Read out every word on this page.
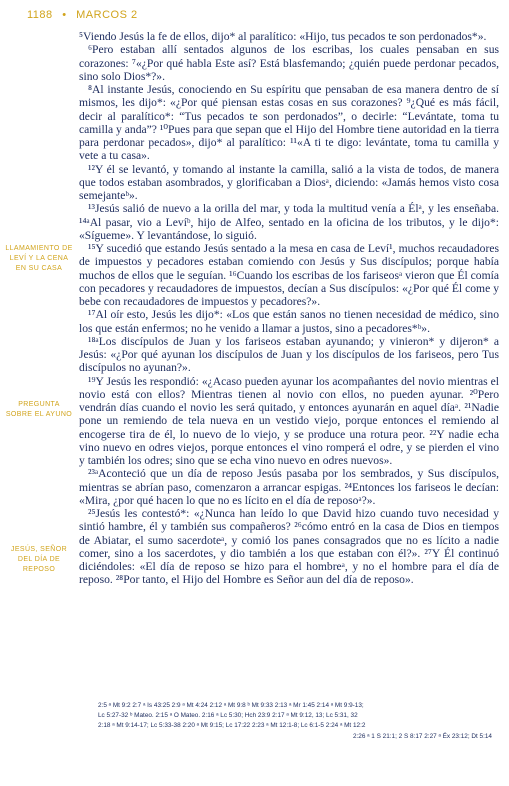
1188 • MARCOS 2
LLAMAMIENTO DE LEVÍ Y LA CENA EN SU CASA
PREGUNTA SOBRE EL AYUNO
JESÚS, SEÑOR DEL DÍA DE REPOSO

⁵Viendo Jesús la fe de ellos, dijo* al paralítico: «Hijo, tus pecados te son perdonados*».

⁶Pero estaban allí sentados algunos de los escribas, los cuales pensaban en sus corazones: ⁷«¿Por qué habla Este así? Está blasfemando; ¿quién puede perdonar pecados, sino solo Dios*?».

⁸Al instante Jesús, conociendo en Su espíritu que pensaban de esa manera dentro de sí mismos, les dijo*: «¿Por qué piensan estas cosas en sus corazones? ⁹¿Qué es más fácil, decir al paralítico*: “Tus pecados te son perdonados”, o decirle: “Levántate, toma tu camilla y anda”? ¹⁰Pues para que sepan que el Hijo del Hombre tiene autoridad en la tierra para perdonar pecados», dijo* al paralítico: ¹¹«A ti te digo: levántate, toma tu camilla y vete a tu casa».

¹²Y él se levantó, y tomando al instante la camilla, salió a la vista de todos, de manera que todos estaban asombrados, y glorificaban a Diosᵃ, diciendo: «Jamás hemos visto cosa semejanteᵇ».

¹³Jesús salió de nuevo a la orilla del mar, y toda la multitud venía a Élᵃ, y les enseñaba. ¹⁴ᵃAl pasar, vio a Levíᵇ, hijo de Alfeo, sentado en la oficina de los tributos, y le dijo*: «Sígueme». Y levantándose, lo siguió.

¹⁵Y sucedió que estando Jesús sentado a la mesa en casa de Leví¹, muchos recaudadores de impuestos y pecadores estaban comiendo con Jesús y Sus discípulos; porque había muchos de ellos que le seguían. ¹⁶Cuando los escribas de los fariseosᵃ vieron que Él comía con pecadores y recaudadores de impuestos, decían a Sus discípulos: «¿Por qué Él come y bebe con recaudadores de impuestos y pecadores?».

¹⁷Al oír esto, Jesús les dijo*: «Los que están sanos no tienen necesidad de médico, sino los que están enfermos; no he venido a llamar a justos, sino a pecadores*ᵇ».

¹⁸ᵃLos discípulos de Juan y los fariseos estaban ayunando; y vinieron* y dijeron* a Jesús: «¿Por qué ayunan los discípulos de Juan y los discípulos de los fariseos, pero Tus discípulos no ayunan?».

¹⁹Y Jesús les respondió: «¿Acaso pueden ayunar los acompañantes del novio mientras el novio está con ellos? Mientras tienen al novio con ellos, no pueden ayunar. ²⁰Pero vendrán días cuando el novio les será quitado, y entonces ayunarán en aquel díaᵃ. ²¹Nadie pone un remiendo de tela nueva en un vestido viejo, porque entonces el remiendo al encogerse tira de él, lo nuevo de lo viejo, y se produce una rotura peor. ²²Y nadie echa vino nuevo en odres viejos, porque entonces el vino romperá el odre, y se pierden el vino y también los odres; sino que se echa vino nuevo en odres nuevos».

²³ᵃAconteció que un día de reposo Jesús pasaba por los sembrados, y Sus discípulos, mientras se abrían paso, comenzaron a arrancar espigas. ²⁴Entonces los fariseos le decían: «Mira, ¿por qué hacen lo que no es lícito en el día de reposoᵃ?».

²⁵Jesús les contestó*: «¿Nunca han leído lo que David hizo cuando tuvo necesidad y sintió hambre, él y también sus compañeros? ²⁶cómo entró en la casa de Dios en tiempos de Abiatar, el sumo sacerdoteᵃ, y comió los panes consagrados que no es lícito a nadie comer, sino a los sacerdotes, y dio también a los que estaban con él?». ²⁷Y Él continuó diciéndoles: «El día de reposo se hizo para el hombreᵃ, y no el hombre para el día de reposo. ²⁸Por tanto, el Hijo del Hombre es Señor aun del día de reposo».

2:5 ᵃ Mt 9:2 2:7 ᵃ Is 43:25 2:9 ᵃ Mt 4:24 2:12 ᵃ Mt 9:8 ᵇ Mt 9:33 2:13 ᵃ Mr 1:45 2:14 ᵃ Mt 9:9-13;
Lc 5:27-32 ᵇ Mateo. 2:15 ᵃ O Mateo. 2:16 ᵃ Lc 5:30; Hch 23:9 2:17 ᵃ Mt 9:12, 13; Lc 5:31, 32
2:18 ᵃ Mt 9:14-17; Lc 5:33-38 2:20 ᵃ Mt 9:15; Lc 17:22 2:23 ᵃ Mt 12:1-8; Lc 6:1-5 2:24 ᵃ Mt 12:2
2:26 ᵃ 1 S 21:1; 2 S 8:17 2:27 ᵃ Éx 23:12; Dt 5:14
